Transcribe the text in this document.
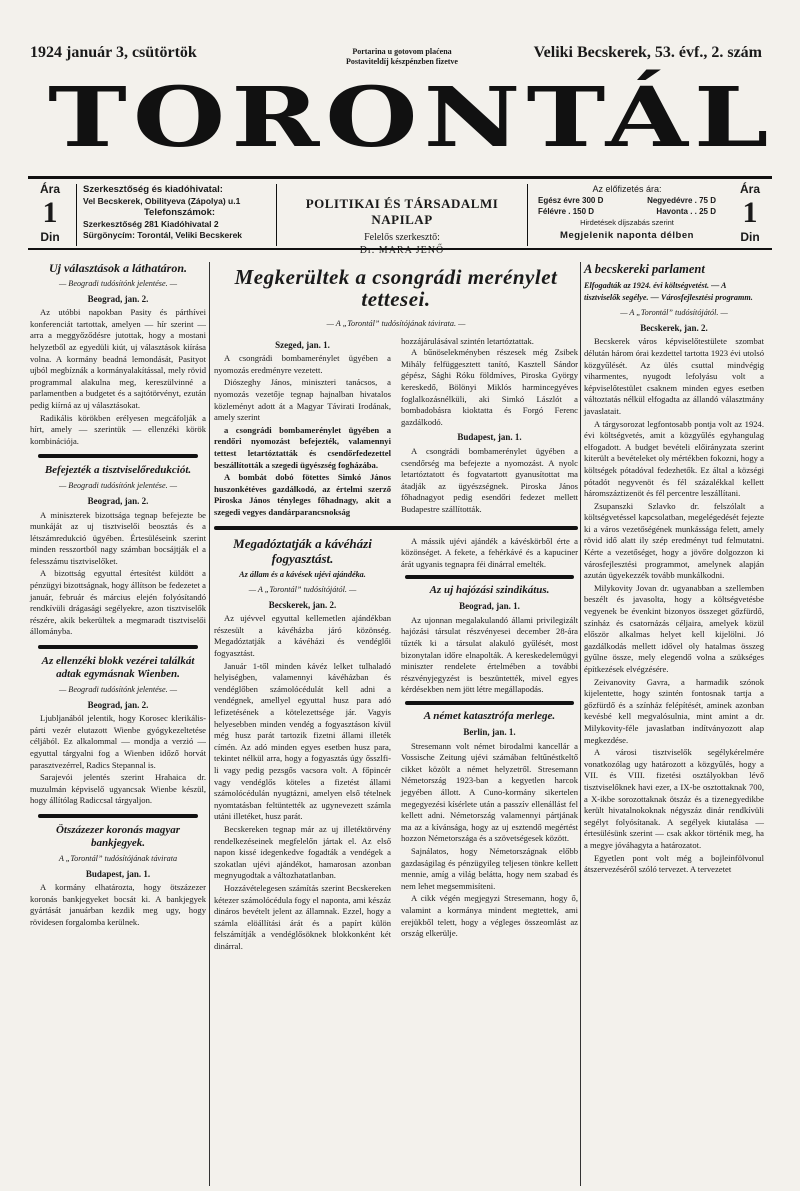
1924 január 3, csütörtök	Portarina u gotovom plaćena
Postaviteldíj készpénzben fizetve
Veliki Becskerek, 53. évf., 2. szám
TORONTÁL
Ára
1
Din
Szerkesztőség és kiadóhivatal:
Vel Becskerek, Obilityeva (Zápolya) u.1
Telefonszámok:
Szerkesztőség 281 Kiadóhivatal 2
Sürgönycím: Torontál, Veliki Becskerek
POLITIKAI ÉS TÁRSADALMI NAPILAP
Felelős szerkesztő:
Dr. MARA JENŐ
Az előfizetés ára:
Egész évre 300 D	Negyedévre . 75 D
Félévre . 150 D	Havonta . . 25 D
Hirdetések díjszabás szerint
Megjelenik naponta délben
Ára
1
Din
Uj választások a láthatáron.
— Beogradi tudósítónk jelentése. —
Beograd, jan. 2.
Az utóbbi napokban Pasity és párthívei konferenciát tartottak, amelyen — hír szerint — arra a meggyőződésre jutottak, hogy a mostani helyzetből az egyedüli kiút, uj választások kiírása volna. A kormány beadná lemondását, Pasityot ujból megbíznák a kormányalakítással, mely rövid programmal alakulna meg, kereszülvinné a parlamentben a budgetet és a sajtótörvényt, ezután pedig kiírná az uj választásokat.
Radikális körökben erélyesen megcáfolják a hírt, amely — szerintük — ellenzéki körök kombinációja.
Befejezték a tisztviselőredukciót.
— Beogradi tudósítónk jelentése. —
Beograd, jan. 2.
A miniszterek bizottsága tegnap befejezte be munkáját az uj tisztviselői beosztás és a létszámredukció ügyében. Értesüléseink szerint minden resszortból nagy számban bocsájtják el a felesszámu tisztviselőket.
A bizottság egyuttal értesítést küldött a pénzügyi bizottságnak, hogy állítson be fedezetet a január, február és március elején folyósítandó rendkívüli drágasági segélyekre, azon tisztviselők részére, akik bekerültek a megmaradt tisztviselői állományba.
Az ellenzéki blokk vezérei találkát adtak egymásnak Wienben.
— Beogradi tudósítónk jelentése. —
Beograd, jan. 2.
Ljubljanából jelentik, hogy Korosec klerikális-párti vezér elutazott Wienbe gyógykezeltetése céljából. Ez alkalommal — mondja a verzió — egyuttal tárgyalni fog a Wienben időző horvát parasztvezérrel, Radics Stepannal is.
Sarajevói jelentés szerint Hrahaica dr. muzulmán képviselő ugyancsak Wienbe készül, hogy állítólag Radiccsal tárgyaljon.
Ötszázezer koronás magyar bankjegyek.
A „Torontál” tudósítójának távirata
Budapest, jan. 1.
A kormány elhatározta, hogy ötszázezer koronás bankjegyeket bocsát ki. A bankjegyek gyártását januárban kezdik meg ugy, hogy rövidesen forgalomba kerülnek.
Megkerültek a csongrádi merénylet tettesei.
— A „Torontál” tudósítójának távirata. —
Szeged, jan. 1.
A csongrádi bombamerénylet ügyében a nyomozás eredményre vezetett.
Diószeghy János, miniszteri tanácsos, a nyomozás vezetője tegnap hajnalban hivatalos közleményt adott át a Magyar Távirati Irodának, amely szerint
a csongrádi bombamerénylet ügyében a rendőri nyomozást befejezték, valamennyi tettest letartóztatták és csendőrfedezettel beszállították a szegedi ügyészség fogházába.
A bombát dobó fötettes Simkó János huszonkétéves gazdálkodó, az értelmi szerző Piroska János tényleges főhadnagy, akit a szegedi vegyes dandárparancsnokság
hozzájárulásával szintén letartóztattak.
A bűnöselekményben részesek még Zsibek Mihály felfüggesztett tanító, Kasztell Sándor gépész, Sághi Róku földmíves, Piroska György kereskedő, Bölönyi Miklós harmincegyéves foglalkozásnélküli, aki Simkó Lászlót a bombadobásra kioktatta és Forgó Ferenc gazdálkodó.
Budapest, jan. 1.
A csongrádi bombamerénylet ügyében a csendőrség ma befejezte a nyomozást. A nyolc letartóztatott és fogvatartott gyanusítottat ma átadják az ügyészségnek. Piroska János főhadnagyot pedig esendőri fedezet mellett Budapestre szállították.
Megadóztatják a kávéházi fogyasztást.
Az állam és a kávések ujévi ajándéka.
— A „Torontál” tudósítójától. —
Becskerek, jan. 2.
Az ujévvel egyuttal kellemetlen ajándékban részesült a kávéházba járó közönség. Megadóztatják a kávéházi és vendéglői fogyasztást.
Január 1-től minden kávéz lelket tulhaladó helyiségben, valamennyi kávéházban és vendéglőben számolócédulát kell adni a vendégnek, amellyel egyuttal husz para adó lefizetésének a kötelezettsége jár. Vagyis helyesebben minden vendég a fogyasztáson kívül még husz parát tartozik fizetni állami illeték címén. Az adó minden egyes esetben husz para, tekintet nélkül arra, hogy a fogyasztás úgy ősszlfi-li vagy pedig pezsgős vacsora volt. A főpincér vagy vendéglős köteles a fizetést állami számolócédulán nyugtázni, amelyen első tételnek nyomtatásban feltüntették az ugynevezett számla utáni illetéket, husz parát.
Becskereken tegnap már az uj illetéktörvény rendelkezéseinek megfelelőn jártak el. Az első napon kissé idegenkedve fogadták a vendégek a szokatlan ujévi ajándékot, hamarosan azonban megnyugodtak a változhatatlanban.
Hozzávételegesen számítás szerint Becskereken kétezer számolócédula fogy el naponta, ami készáz dináros bevételt jelent az államnak. Ezzel, hogy a számla elöállítási árát és a papírt külön felszámítják a vendéglősöknek blokkonként két dinárral.
A mássik ujévi ajándék a kávéskörből érte a közönséget. A fekete, a fehérkávé és a kapuciner árát ugyanis tegnapra féi dinárral emelték.
Az uj hajózási szindikátus.
Beograd, jan. 1.
Az ujonnan megalakulandó állami privilegizált hajózási társulat részvényesei december 28-ára tűzték ki a társulat alakuló gyűlését, most bizonytalan időre elnapolták. A kereskedelemügyi miniszter rendelete értelmében a további részvényjegyzést is beszüntették, mivel egyes kérdésekben nem jött létre megállapodás.
A német katasztrófa merlege.
Berlin, jan. 1.
Stresemann volt német birodalmi kancellár a Vossische Zeitung ujévi számában feltűnéstkeltő cikket közölt a német helyzetről. Stresemann Németország 1923-ban a kegyetlen harcok jegyében állott. A Cuno-kormány sikertelen megegyezési kísérlete után a passzív ellenállást fel kellett adni. Németország valamennyi pártjának ma az a kívánsága, hogy az uj esztendő megértést hozzon Németországa és a szövetségesek között.
Sajnálatos, hogy Németországnak előbb gazdaságilag és pénzügyileg teljesen tönkre kellett mennie, amíg a világ belátta, hogy nem szabad és nem lehet megsemmisíteni.
A cikk végén megjegyzi Stresemann, hogy ő, valamint a kormánya mindent megtettek, ami erejükből telett, hogy a végleges összeomlást az ország elkerülje.
A becskereki parlament
Elfogadták az 1924. évi költségvetést. — A tisztviselők segélye. — Városfejlesztési programm.
— A „Torontál” tudósítójától. —
Becskerek, jan. 2.
Becskerek város képviselőtestülete szombat délután három órai kezdettel tartotta 1923 évi utolsó közgyűlését. Az ülés csuttal mindvégig viharmentes, nyugodt lefolyásu volt a képviselőtestület csaknem minden egyes esetben változtatás nélkül elfogadta az állandó választmány javaslatait.
A tárgysorozat legfontosabb pontja volt az 1924. évi költségvetés, amit a közgyűlés egyhangulag elfogadott. A budget bevételi előirányzata szerint kiterült a bevételeket oly mértékben fokozni, hogy a költségek pótadóval fedezhetők. Ez által a községi pótadót negyvenöt és fél százalékkal kellett háromszáztizenöt és fél percentre leszállítani.
Zsupanszki Szlavko dr. felszólalt a költségvetéssel kapcsolatban, megelégedését fejezte ki a város vezetőségének munkássága felett, amely rövid idő alatt ily szép eredményt tud felmutatni. Kérte a vezetőséget, hogy a jövőre dolgozzon ki városfejlesztési programmot, amelynek alapján azután ügyekezzék tovább munkálkodni.
Milykovity Jovan dr. ugyanabban a szellemben beszélt és javasolta, hogy a költségvetésbe vegyenek be évenkint bizonyos összeget gőzfürdő, színház és csatornázás céljaira, amelyek közül először alkalmas helyet kell kijelölni. Jó gazdálkodás mellett idővel oly hatalmas összeg gyűlne össze, mely elegendő volna a szükséges építkezések elvégzésére.
Zeivanovity Gavra, a harmadik szónok kijelentette, hogy szintén fontosnak tartja a gőzfürdő és a színház felépítését, aminek azonban kevésbé kell megvalósulnia, mint amint a dr. Milykovity-féle javaslatban indítványozott alap megkezdése.
A városi tisztviselők segélykérelmére vonatkozólag ugy határozott a közgyűlés, hogy a VII. és VIII. fizetési osztályokban lévő tisztviselőknek havi ezer, a IX-be osztottaknak 700, a X-ikbe sorozottaknak ötszáz és a tizenegyedikbe került hivatalnokoknak négyszáz dinár rendkívüli segélyt folyósítanak. A segélyek kiutalása — értesülésünk szerint — csak akkor történik meg, ha a megye jóváhagyta a határozatot.
Egyetlen pont volt még a bojleinfölvonul átszervezéséről szóló tervezet. A tervezetet
